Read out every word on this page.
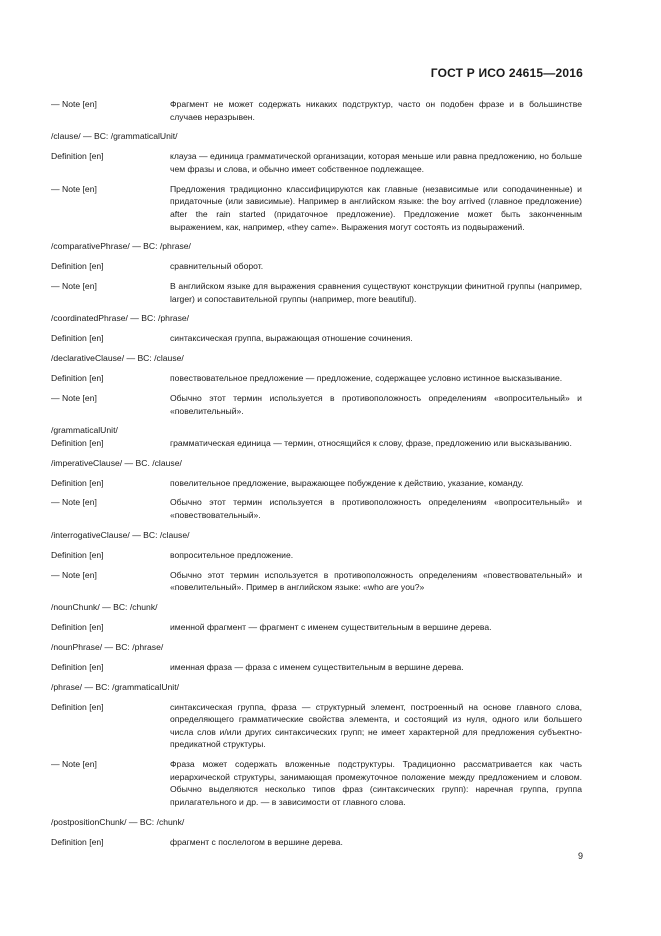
ГОСТ Р ИСО 24615—2016
— Note [en]	Фрагмент не может содержать никаких подструктур, часто он подобен фразе и в большинстве случаев неразрывен.
/clause/ — BC: /grammaticalUnit/
Definition [en]	клауза — единица грамматической организации, которая меньше или равна предложению, но больше чем фразы и слова, и обычно имеет собственное подлежащее.
— Note [en]	Предложения традиционно классифицируются как главные (независимые или соподачиненные) и придаточные (или зависимые). Например в английском языке: the boy arrived (главное предложение) after the rain started (придаточное предложение). Предложение может быть законченным выражением, как, например, «they came». Выражения могут состоять из подвыражений.
/comparativePhrase/ — BC: /phrase/
Definition [en]	сравнительный оборот.
— Note [en]	В английском языке для выражения сравнения существуют конструкции финитной группы (например, larger) и сопоставительной группы (например, more beautiful).
/coordinatedPhrase/ — BC: /phrase/
Definition [en]	синтаксическая группа, выражающая отношение сочинения.
/declarativeClause/ — BC: /clause/
Definition [en]	повествовательное предложение — предложение, содержащее условно истинное высказывание.
— Note [en]	Обычно этот термин используется в противоположность определениям «вопросительный» и «повелительный».
/grammaticalUnit/
Definition [en]	грамматическая единица — термин, относящийся к слову, фразе, предложению или высказыванию.
/imperativeClause/ — BC. /clause/
Definition [en]	повелительное предложение, выражающее побуждение к действию, указание, команду.
— Note [en]	Обычно этот термин используется в противоположность определениям «вопросительный» и «повествовательный».
/interrogativeClause/ — BC: /clause/
Definition [en]	вопросительное предложение.
— Note [en]	Обычно этот термин используется в противоположность определениям «повествовательный» и «повелительный». Пример в английском языке: «who are you?»
/nounChunk/ — BC: /chunk/
Definition [en]	именной фрагмент — фрагмент с именем существительным в вершине дерева.
/nounPhrase/ — BC: /phrase/
Definition [en]	именная фраза — фраза с именем существительным в вершине дерева.
/phrase/ — BC: /grammaticalUnit/
Definition [en]	синтаксическая группа, фраза — структурный элемент, построенный на основе главного слова, определяющего грамматические свойства элемента, и состоящий из нуля, одного или большего числа слов и/или других синтаксических групп; не имеет характерной для предложения субъектно-предикатной структуры.
— Note [en]	Фраза может содержать вложенные подструктуры. Традиционно рассматривается как часть иерархической структуры, занимающая промежуточное положение между предложением и словом. Обычно выделяются несколько типов фраз (синтаксических групп): наречная группа, группа прилагательного и др. — в зависимости от главного слова.
/postpositionChunk/ — BC: /chunk/
Definition [en]	фрагмент с послелогом в вершине дерева.
9
